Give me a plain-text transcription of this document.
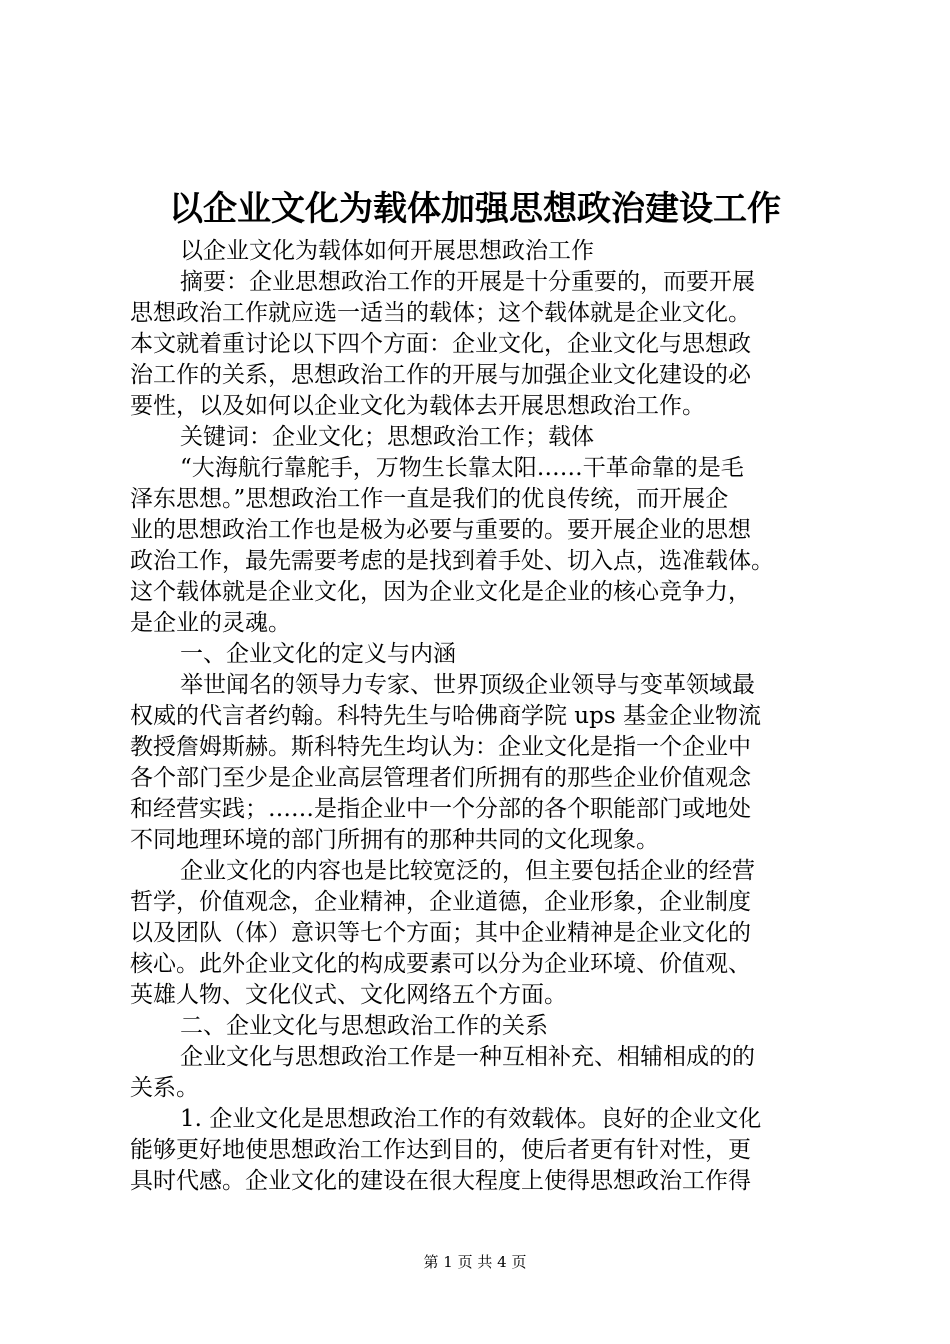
以企业文化为载体加强思想政治建设工作
以企业文化为载体如何开展思想政治工作
摘要：企业思想政治工作的开展是十分重要的，而要开展
思想政治工作就应选一适当的载体；这个载体就是企业文化。
本文就着重讨论以下四个方面：企业文化，企业文化与思想政
治工作的关系，思想政治工作的开展与加强企业文化建设的必
要性，以及如何以企业文化为载体去开展思想政治工作。
关键词：企业文化；思想政治工作；载体
“大海航行靠舵手，万物生长靠太阳……干革命靠的是毛
泽东思想。”思想政治工作一直是我们的优良传统，而开展企
业的思想政治工作也是极为必要与重要的。要开展企业的思想
政治工作，最先需要考虑的是找到着手处、切入点，选准载体。
这个载体就是企业文化，因为企业文化是企业的核心竞争力，
是企业的灵魂。
一、企业文化的定义与内涵
举世闻名的领导力专家、世界顶级企业领导与变革领域最
权威的代言者约翰。科特先生与哈佛商学院 ups 基金企业物流
教授詹姆斯赫。斯科特先生均认为：企业文化是指一个企业中
各个部门至少是企业高层管理者们所拥有的那些企业价值观念
和经营实践；……是指企业中一个分部的各个职能部门或地处
不同地理环境的部门所拥有的那种共同的文化现象。
企业文化的内容也是比较宽泛的，但主要包括企业的经营
哲学，价值观念，企业精神，企业道德，企业形象，企业制度
以及团队（体）意识等七个方面；其中企业精神是企业文化的
核心。此外企业文化的构成要素可以分为企业环境、价值观、
英雄人物、文化仪式、文化网络五个方面。
二、企业文化与思想政治工作的关系
企业文化与思想政治工作是一种互相补充、相辅相成的的
关系。
1. 企业文化是思想政治工作的有效载体。良好的企业文化
能够更好地使思想政治工作达到目的，使后者更有针对性，更
具时代感。企业文化的建设在很大程度上使得思想政治工作得
第 1 页 共 4 页
